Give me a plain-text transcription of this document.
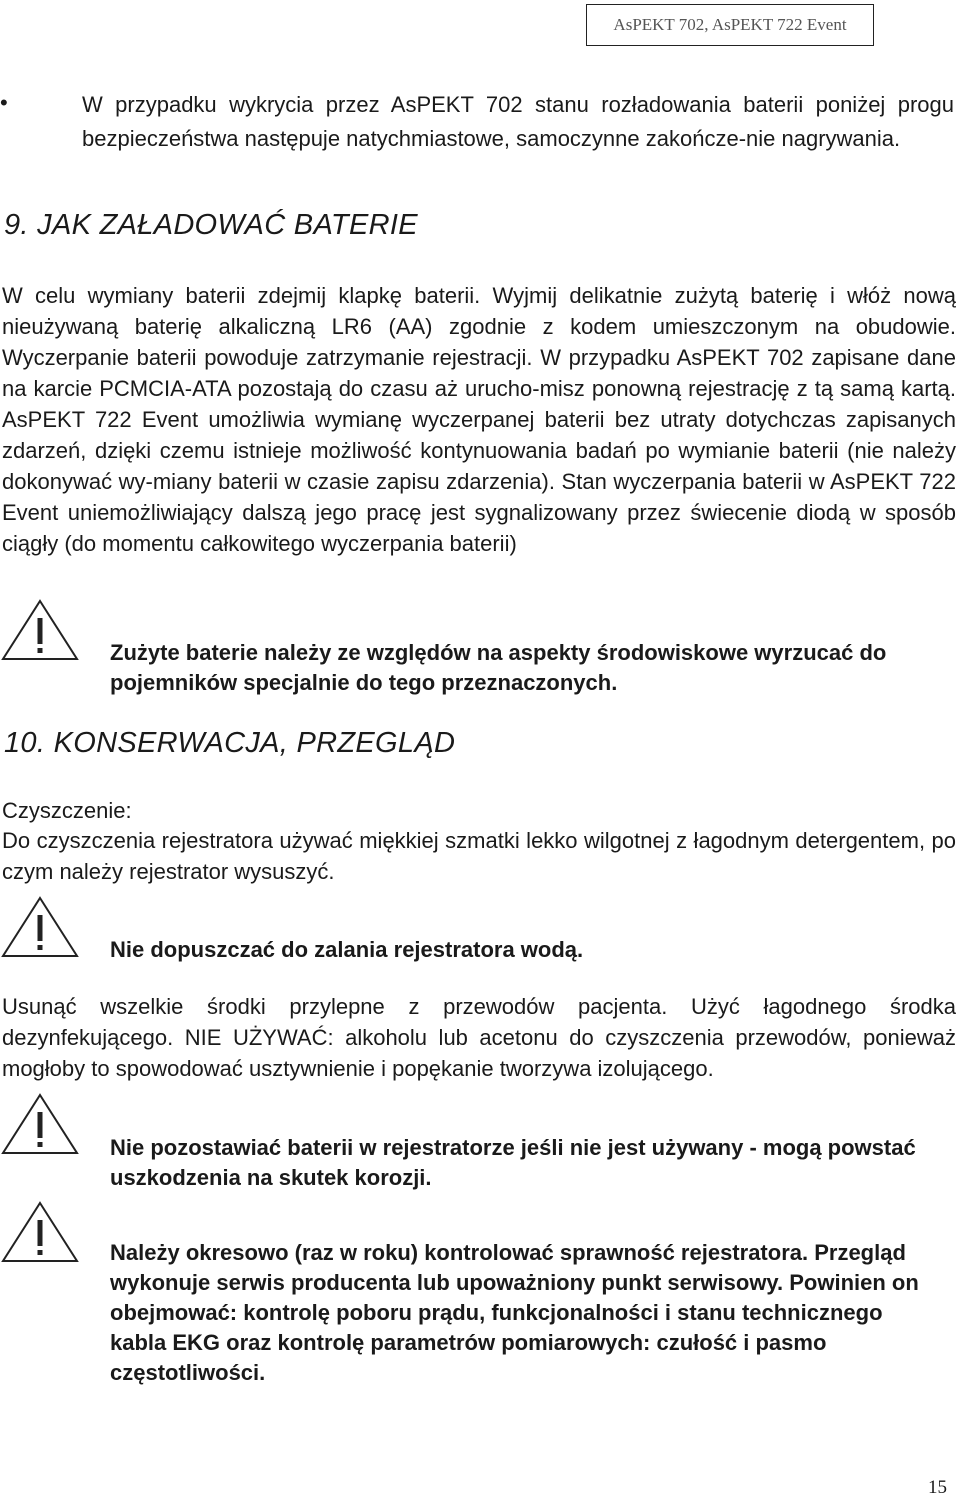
AsPEKT 702, AsPEKT 722 Event
•	W przypadku wykrycia przez AsPEKT 702 stanu rozładowania baterii poniżej progu bezpieczeństwa następuje natychmiastowe, samoczynne zakończe-nie nagrywania.
9. JAK ZAŁADOWAĆ BATERIE

W celu wymiany baterii zdejmij klapkę baterii. Wyjmij delikatnie zużytą baterię i włóż nową nieużywaną baterię alkaliczną LR6 (AA) zgodnie z kodem umieszczonym na obudowie. Wyczerpanie baterii powoduje zatrzymanie rejestracji. W przypadku AsPEKT 702 zapisane dane na karcie PCMCIA-ATA pozostają do czasu aż urucho-misz ponowną rejestrację z tą samą kartą. AsPEKT 722 Event umożliwia wymianę wyczerpanej baterii bez utraty dotychczas zapisanych zdarzeń, dzięki czemu istnieje możliwość kontynuowania badań po wymianie baterii (nie należy dokonywać wy-miany baterii w czasie zapisu zdarzenia). Stan wyczerpania baterii w AsPEKT 722 Event uniemożliwiający dalszą jego pracę jest sygnalizowany przez świecenie diodą w sposób ciągły (do momentu całkowitego wyczerpania baterii)

Zużyte baterie należy ze względów na aspekty środowiskowe wyrzucać do pojemników specjalnie do tego przeznaczonych.

10. KONSERWACJA, PRZEGLĄD
Czyszczenie:

Do czyszczenia rejestratora używać miękkiej szmatki lekko wilgotnej z łagodnym detergentem, po czym należy rejestrator wysuszyć.

Nie dopuszczać do zalania rejestratora wodą.

Usunąć wszelkie środki przylepne z przewodów pacjenta. Użyć łagodnego środka dezynfekującego. NIE UŻYWAĆ: alkoholu lub acetonu do czyszczenia przewodów, ponieważ mogłoby to spowodować usztywnienie i popękanie tworzywa izolującego.

Nie pozostawiać baterii w rejestratorze jeśli nie jest używany - mogą powstać uszkodzenia na skutek korozji.

Należy okresowo (raz w roku) kontrolować sprawność rejestratora. Przegląd wykonuje serwis producenta lub upoważniony punkt serwisowy. Powinien on obejmować: kontrolę poboru prądu, funkcjonalności i stanu technicznego kabla EKG oraz kontrolę parametrów pomiarowych: czułość i pasmo częstotliwości.

15
